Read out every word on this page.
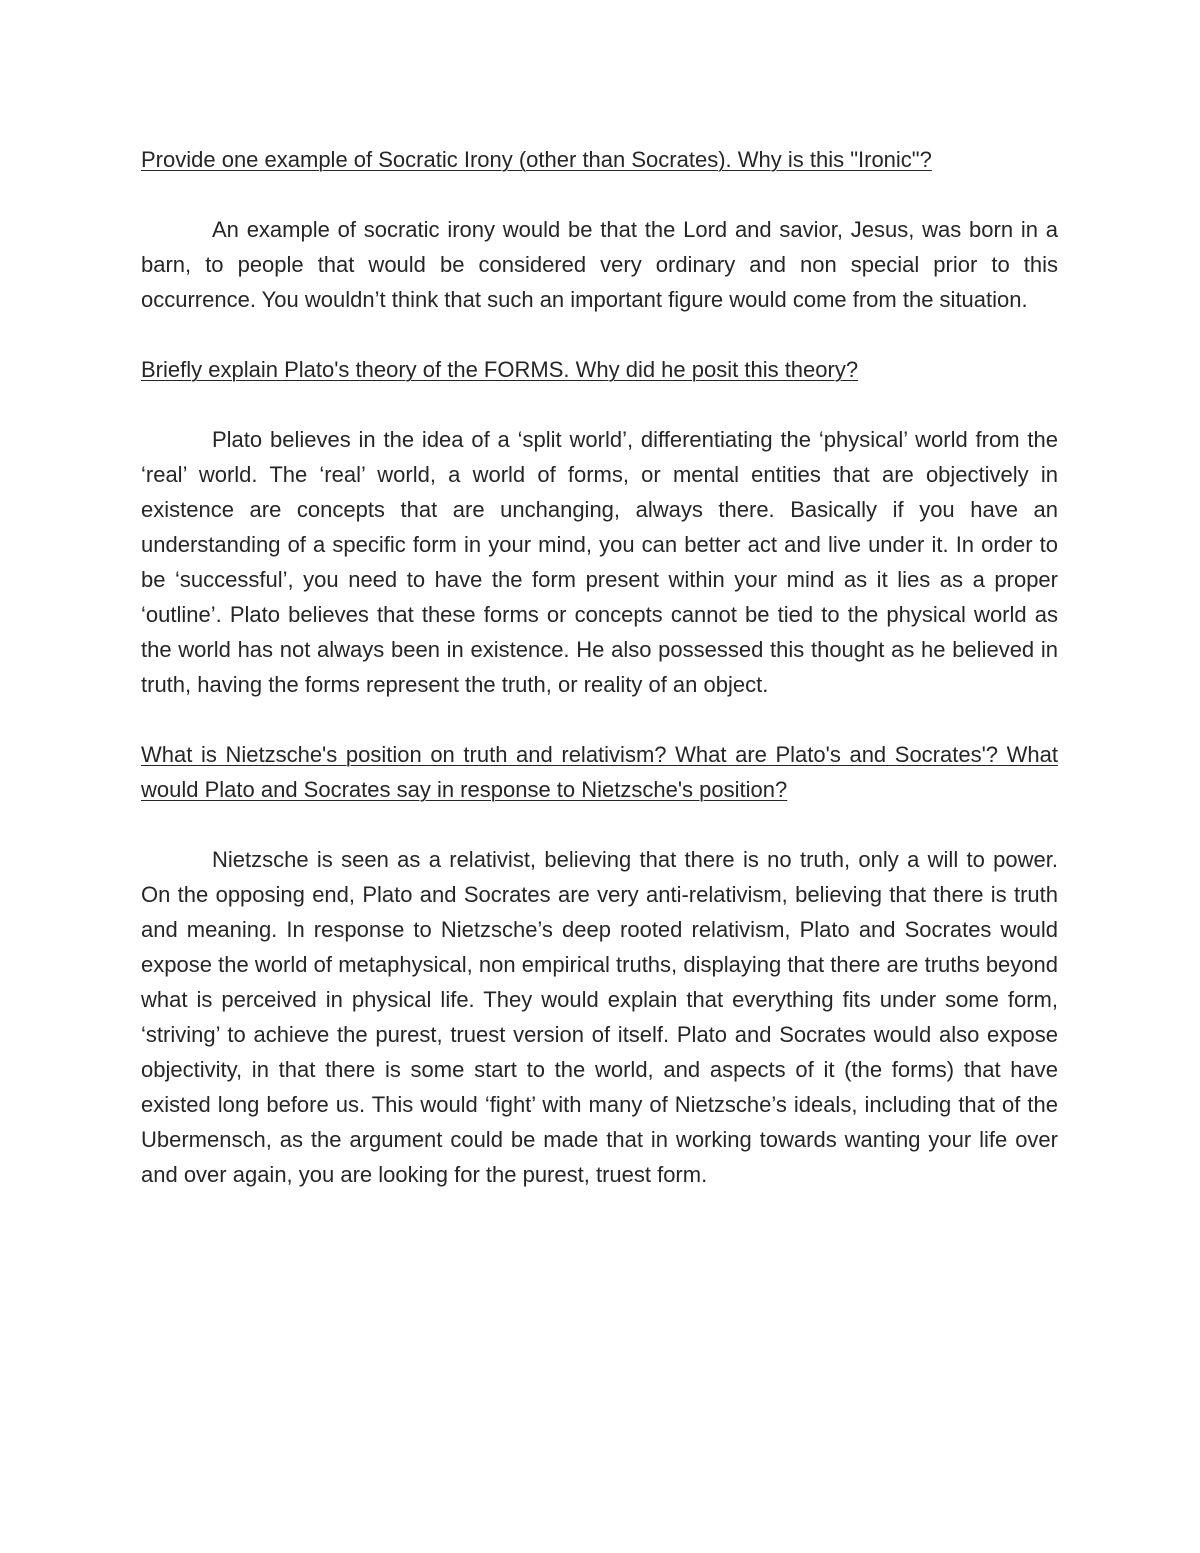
Provide one example of Socratic Irony (other than Socrates). Why is this "Ironic"?

An example of socratic irony would be that the Lord and savior, Jesus, was born in a barn, to people that would be considered very ordinary and non special prior to this occurrence. You wouldn’t think that such an important figure would come from the situation.

Briefly explain Plato's theory of the FORMS. Why did he posit this theory?

Plato believes in the idea of a ‘split world’, differentiating the ‘physical’ world from the ‘real’ world. The ‘real’ world, a world of forms, or mental entities that are objectively in existence are concepts that are unchanging, always there. Basically if you have an understanding of a specific form in your mind, you can better act and live under it. In order to be ‘successful’, you need to have the form present within your mind as it lies as a proper ‘outline’. Plato believes that these forms or concepts cannot be tied to the physical world as the world has not always been in existence. He also possessed this thought as he believed in truth, having the forms represent the truth, or reality of an object.

What is Nietzsche's position on truth and relativism? What are Plato's and Socrates'? What would Plato and Socrates say in response to Nietzsche's position?

Nietzsche is seen as a relativist, believing that there is no truth, only a will to power. On the opposing end, Plato and Socrates are very anti-relativism, believing that there is truth and meaning. In response to Nietzsche’s deep rooted relativism, Plato and Socrates would expose the world of metaphysical, non empirical truths, displaying that there are truths beyond what is perceived in physical life. They would explain that everything fits under some form, ‘striving’ to achieve the purest, truest version of itself. Plato and Socrates would also expose objectivity, in that there is some start to the world, and aspects of it (the forms) that have existed long before us. This would ‘fight’ with many of Nietzsche’s ideals, including that of the Ubermensch, as the argument could be made that in working towards wanting your life over and over again, you are looking for the purest, truest form.
